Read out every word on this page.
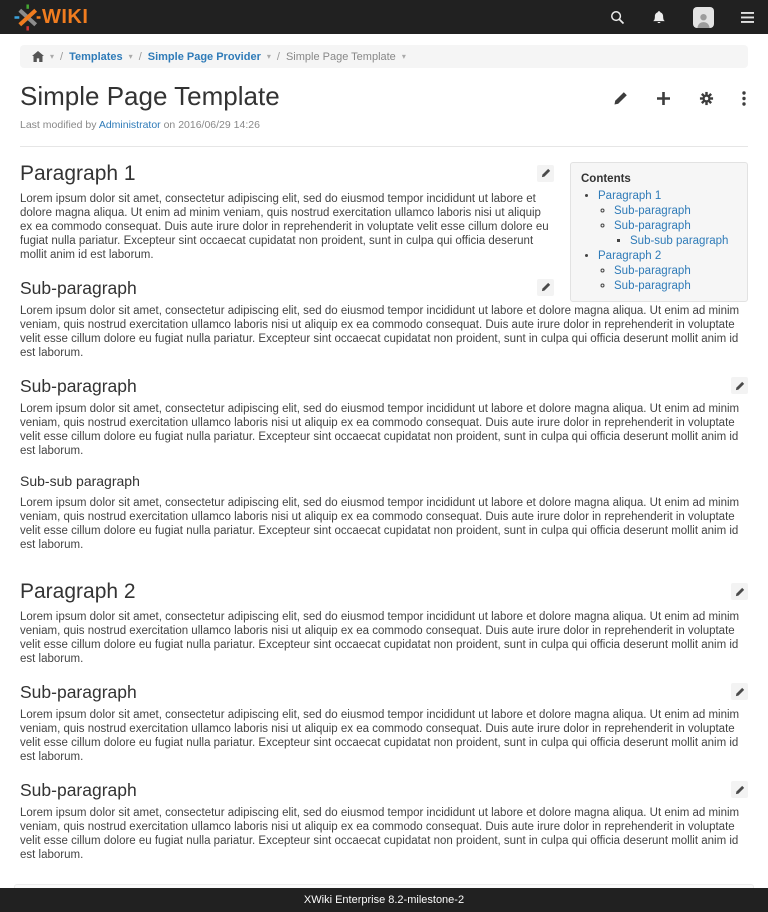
WIKI
▾ / Templates ▾ / Simple Page Provider ▾ / Simple Page Template ▾
Simple Page Template
Last modified by Administrator on 2016/06/29 14:26
Contents
• Paragraph 1
◦ Sub-paragraph
◦ Sub-paragraph
▪ Sub-sub paragraph
• Paragraph 2
◦ Sub-paragraph
◦ Sub-paragraph
Paragraph 1

Lorem ipsum dolor sit amet, consectetur adipiscing elit, sed do eiusmod tempor incididunt ut labore et dolore magna aliqua. Ut enim ad minim veniam, quis nostrud exercitation ullamco laboris nisi ut aliquip ex ea commodo consequat. Duis aute irure dolor in reprehenderit in voluptate velit esse cillum dolore eu fugiat nulla pariatur. Excepteur sint occaecat cupidatat non proident, sunt in culpa qui officia deserunt mollit anim id est laborum.

Sub-paragraph

Lorem ipsum dolor sit amet, consectetur adipiscing elit, sed do eiusmod tempor incididunt ut labore et dolore magna aliqua. Ut enim ad minim veniam, quis nostrud exercitation ullamco laboris nisi ut aliquip ex ea commodo consequat. Duis aute irure dolor in reprehenderit in voluptate velit esse cillum dolore eu fugiat nulla pariatur. Excepteur sint occaecat cupidatat non proident, sunt in culpa qui officia deserunt mollit anim id est laborum.

Sub-paragraph

Lorem ipsum dolor sit amet, consectetur adipiscing elit, sed do eiusmod tempor incididunt ut labore et dolore magna aliqua. Ut enim ad minim veniam, quis nostrud exercitation ullamco laboris nisi ut aliquip ex ea commodo consequat. Duis aute irure dolor in reprehenderit in voluptate velit esse cillum dolore eu fugiat nulla pariatur. Excepteur sint occaecat cupidatat non proident, sunt in culpa qui officia deserunt mollit anim id est laborum.

Sub-sub paragraph

Lorem ipsum dolor sit amet, consectetur adipiscing elit, sed do eiusmod tempor incididunt ut labore et dolore magna aliqua. Ut enim ad minim veniam, quis nostrud exercitation ullamco laboris nisi ut aliquip ex ea commodo consequat. Duis aute irure dolor in reprehenderit in voluptate velit esse cillum dolore eu fugiat nulla pariatur. Excepteur sint occaecat cupidatat non proident, sunt in culpa qui officia deserunt mollit anim id est laborum.

Paragraph 2

Lorem ipsum dolor sit amet, consectetur adipiscing elit, sed do eiusmod tempor incididunt ut labore et dolore magna aliqua. Ut enim ad minim veniam, quis nostrud exercitation ullamco laboris nisi ut aliquip ex ea commodo consequat. Duis aute irure dolor in reprehenderit in voluptate velit esse cillum dolore eu fugiat nulla pariatur. Excepteur sint occaecat cupidatat non proident, sunt in culpa qui officia deserunt mollit anim id est laborum.

Sub-paragraph

Lorem ipsum dolor sit amet, consectetur adipiscing elit, sed do eiusmod tempor incididunt ut labore et dolore magna aliqua. Ut enim ad minim veniam, quis nostrud exercitation ullamco laboris nisi ut aliquip ex ea commodo consequat. Duis aute irure dolor in reprehenderit in voluptate velit esse cillum dolore eu fugiat nulla pariatur. Excepteur sint occaecat cupidatat non proident, sunt in culpa qui officia deserunt mollit anim id est laborum.

Sub-paragraph

Lorem ipsum dolor sit amet, consectetur adipiscing elit, sed do eiusmod tempor incididunt ut labore et dolore magna aliqua. Ut enim ad minim veniam, quis nostrud exercitation ullamco laboris nisi ut aliquip ex ea commodo consequat. Duis aute irure dolor in reprehenderit in voluptate velit esse cillum dolore eu fugiat nulla pariatur. Excepteur sint occaecat cupidatat non proident, sunt in culpa qui officia deserunt mollit anim id est laborum.

XWiki Enterprise 8.2-milestone-2
